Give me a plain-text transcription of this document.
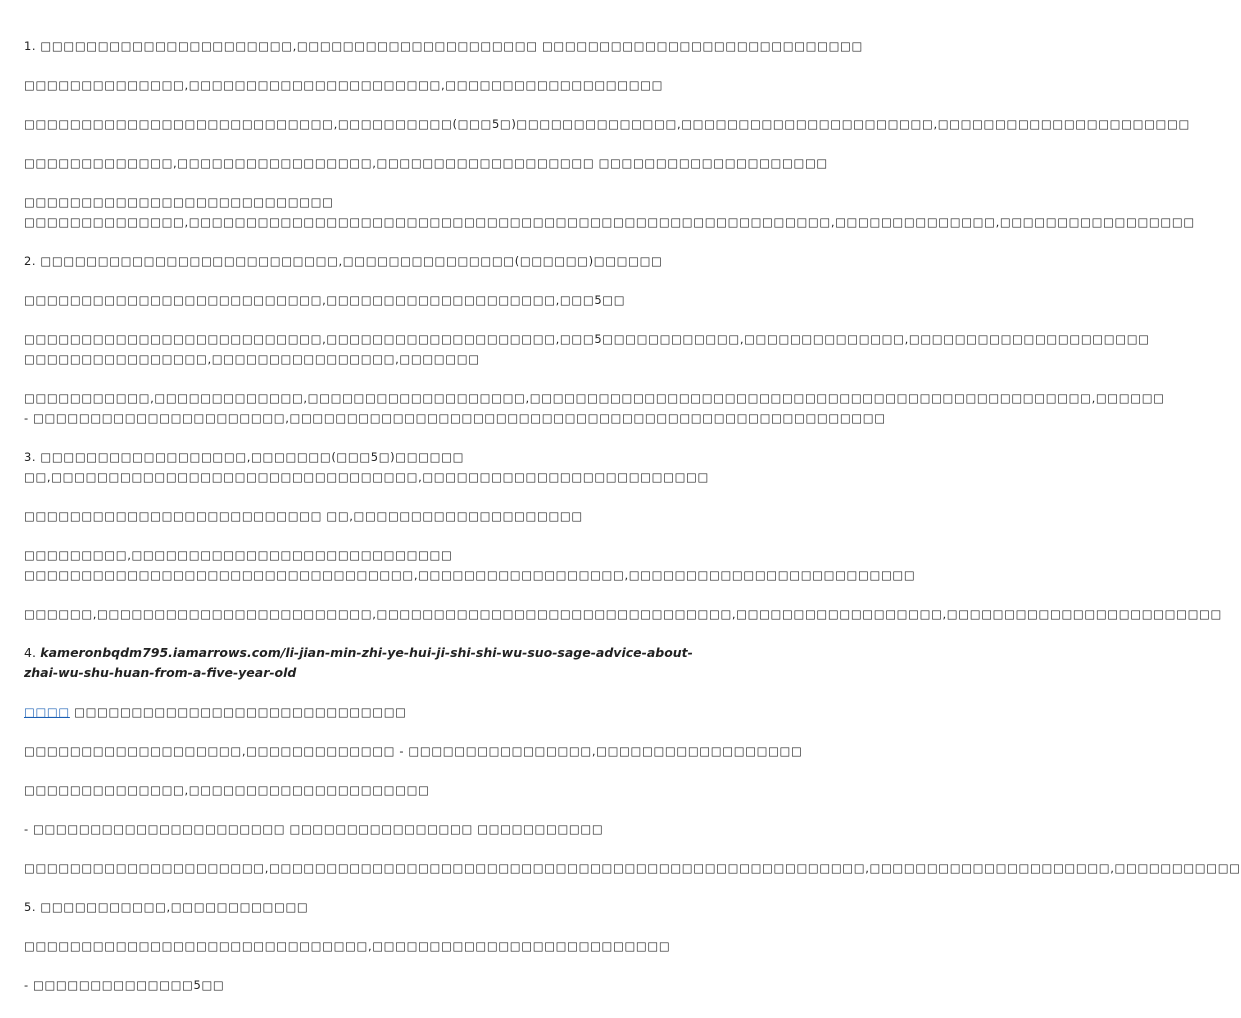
1. □□□□□□□□□□□□□□□□□□□□□□,□□□□□□□□□□□□□□□□□□□□□ □□□□□□□□□□□□□□□□□□□□□□□□□□□□

□□□□□□□□□□□□□□,□□□□□□□□□□□□□□□□□□□□□□,□□□□□□□□□□□□□□□□□□□

□□□□□□□□□□□□□□□□□□□□□□□□□□□,□□□□□□□□□□(□□□5□)□□□□□□□□□□□□□□,□□□□□□□□□□□□□□□□□□□□□□,□□□□□□□□□□□□□□□□□□□□□□

□□□□□□□□□□□□□,□□□□□□□□□□□□□□□□□,□□□□□□□□□□□□□□□□□□□ □□□□□□□□□□□□□□□□□□□□

□□□□□□□□□□□□□□□□□□□□□□□□□□□
□□□□□□□□□□□□□□,□□□□□□□□□□□□□□□□□□□□□□□□□□□□□□□□□□□□□□□□□□□□□□□□□□□□□□□□,□□□□□□□□□□□□□□,□□□□□□□□□□□□□□□□□

2. □□□□□□□□□□□□□□□□□□□□□□□□□□,□□□□□□□□□□□□□□□(□□□□□□)□□□□□□

□□□□□□□□□□□□□□□□□□□□□□□□□□,□□□□□□□□□□□□□□□□□□□□,□□□5□□

□□□□□□□□□□□□□□□□□□□□□□□□□□,□□□□□□□□□□□□□□□□□□□□,□□□5□□□□□□□□□□□□,□□□□□□□□□□□□□□,□□□□□□□□□□□□□□□□□□□□□
□□□□□□□□□□□□□□□□,□□□□□□□□□□□□□□□□,□□□□□□□

□□□□□□□□□□□,□□□□□□□□□□□□□,□□□□□□□□□□□□□□□□□□□,□□□□□□□□□□□□□□□□□□□□□□□□□□□□□□□□□□□□□□□□□□□□□□□□□,□□□□□□
- □□□□□□□□□□□□□□□□□□□□□□,□□□□□□□□□□□□□□□□□□□□□□□□□□□□□□□□□□□□□□□□□□□□□□□□□□□□

3. □□□□□□□□□□□□□□□□□□,□□□□□□□(□□□5□)□□□□□□
□□,□□□□□□□□□□□□□□□□□□□□□□□□□□□□□□□□,□□□□□□□□□□□□□□□□□□□□□□□□□

□□□□□□□□□□□□□□□□□□□□□□□□□□ □□,□□□□□□□□□□□□□□□□□□□□

□□□□□□□□□,□□□□□□□□□□□□□□□□□□□□□□□□□□□□
□□□□□□□□□□□□□□□□□□□□□□□□□□□□□□□□□□,□□□□□□□□□□□□□□□□□□,□□□□□□□□□□□□□□□□□□□□□□□□□

□□□□□□,□□□□□□□□□□□□□□□□□□□□□□□□,□□□□□□□□□□□□□□□□□□□□□□□□□□□□□□□,□□□□□□□□□□□□□□□□□□,□□□□□□□□□□□□□□□□□□□□□□□□

4. kameronbqdm795.iamarrows.com/li-jian-min-zhi-ye-hui-ji-shi-shi-wu-suo-sage-advice-about-zhai-wu-shu-huan-from-a-five-year-old

□□□□ □□□□□□□□□□□□□□□□□□□□□□□□□□□□□

□□□□□□□□□□□□□□□□□□□,□□□□□□□□□□□□□ - □□□□□□□□□□□□□□□□,□□□□□□□□□□□□□□□□□□

□□□□□□□□□□□□□□,□□□□□□□□□□□□□□□□□□□□□

- □□□□□□□□□□□□□□□□□□□□□□ □□□□□□□□□□□□□□□□ □□□□□□□□□□□

□□□□□□□□□□□□□□□□□□□□□,□□□□□□□□□□□□□□□□□□□□□□□□□□□□□□□□□□□□□□□□□□□□□□□□□□□□,□□□□□□□□□□□□□□□□□□□□□,□□□□□□□□□□□

5. □□□□□□□□□□□,□□□□□□□□□□□□

□□□□□□□□□□□□□□□□□□□□□□□□□□□□□□,□□□□□□□□□□□□□□□□□□□□□□□□□□

- □□□□□□□□□□□□□□5□□
